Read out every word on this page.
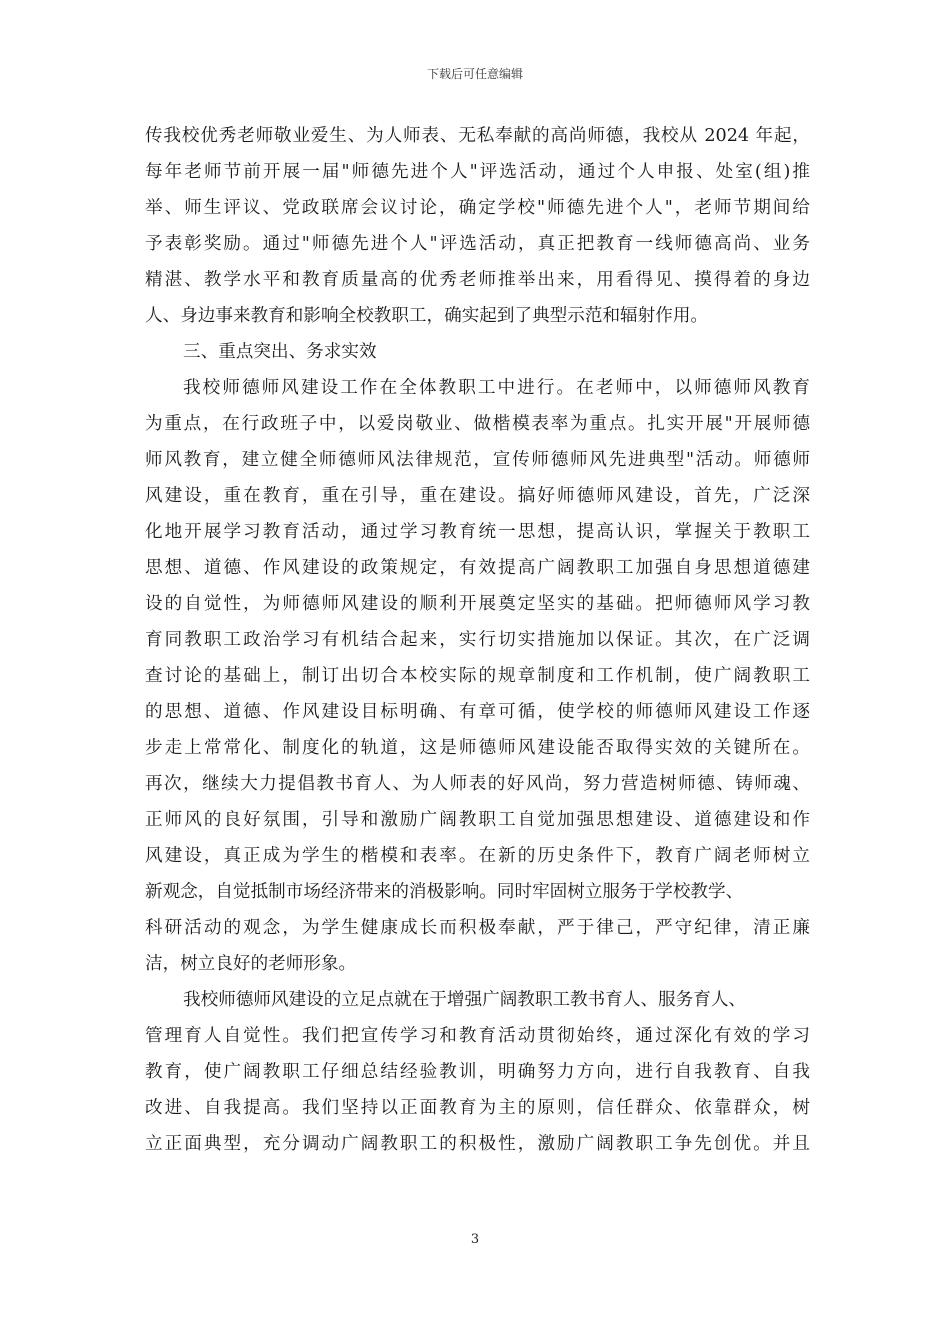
下载后可任意编辑
传我校优秀老师敬业爱生、为人师表、无私奉献的高尚师德，我校从 2024 年起，
每年老师节前开展一届"师德先进个人"评选活动，通过个人申报、处室(组)推
举、师生评议、党政联席会议讨论，确定学校"师德先进个人"，老师节期间给
予表彰奖励。通过"师德先进个人"评选活动，真正把教育一线师德高尚、业务
精湛、教学水平和教育质量高的优秀老师推举出来，用看得见、摸得着的身边
人、身边事来教育和影响全校教职工，确实起到了典型示范和辐射作用。
三、重点突出、务求实效
我校师德师风建设工作在全体教职工中进行。在老师中，以师德师风教育
为重点，在行政班子中，以爱岗敬业、做楷模表率为重点。扎实开展"开展师德
师风教育，建立健全师德师风法律规范，宣传师德师风先进典型"活动。师德师
风建设，重在教育，重在引导，重在建设。搞好师德师风建设，首先，广泛深
化地开展学习教育活动，通过学习教育统一思想，提高认识，掌握关于教职工
思想、道德、作风建设的政策规定，有效提高广阔教职工加强自身思想道德建
设的自觉性，为师德师风建设的顺利开展奠定坚实的基础。把师德师风学习教
育同教职工政治学习有机结合起来，实行切实措施加以保证。其次，在广泛调
查讨论的基础上，制订出切合本校实际的规章制度和工作机制，使广阔教职工
的思想、道德、作风建设目标明确、有章可循，使学校的师德师风建设工作逐
步走上常常化、制度化的轨道，这是师德师风建设能否取得实效的关键所在。
再次，继续大力提倡教书育人、为人师表的好风尚，努力营造树师德、铸师魂、
正师风的良好氛围，引导和激励广阔教职工自觉加强思想建设、道德建设和作
风建设，真正成为学生的楷模和表率。在新的历史条件下，教育广阔老师树立
新观念，自觉抵制市场经济带来的消极影响。同时牢固树立服务于学校教学、
科研活动的观念，为学生健康成长而积极奉献，严于律己，严守纪律，清正廉
洁，树立良好的老师形象。
我校师德师风建设的立足点就在于增强广阔教职工教书育人、服务育人、
管理育人自觉性。我们把宣传学习和教育活动贯彻始终，通过深化有效的学习
教育，使广阔教职工仔细总结经验教训，明确努力方向，进行自我教育、自我
改进、自我提高。我们坚持以正面教育为主的原则，信任群众、依靠群众，树
立正面典型，充分调动广阔教职工的积极性，激励广阔教职工争先创优。并且
3
